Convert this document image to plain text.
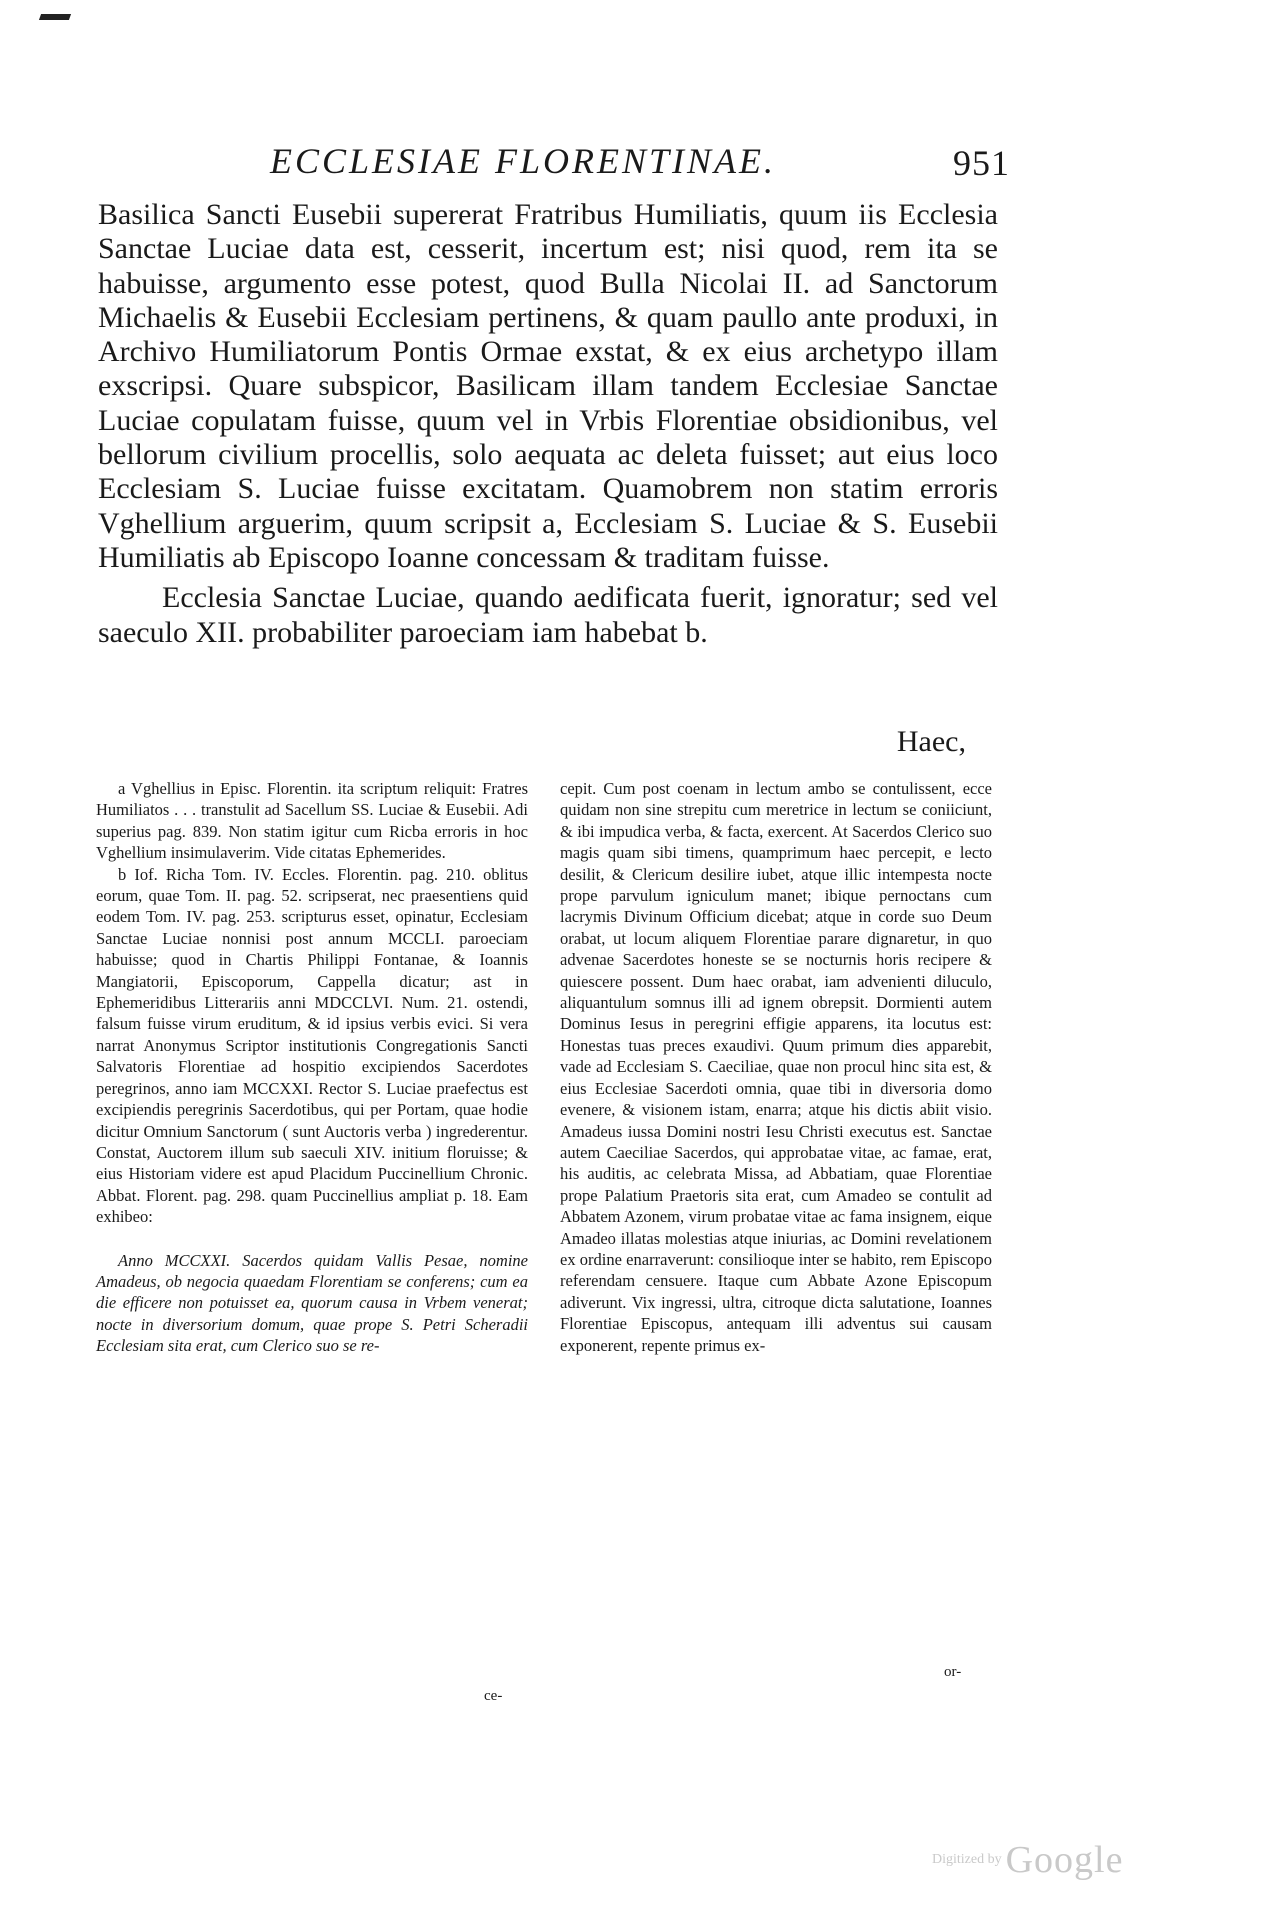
ECCLESIAE FLORENTINAE.	951

Basilica Sancti Eusebii supererat Fratribus Humiliatis, quum iis Ecclesia Sanctae Luciae data est, cesserit, incertum est; nisi quod, rem ita se habuisse, argumento esse potest, quod Bulla Nicolai II. ad Sanctorum Michaelis & Eusebii Ecclesiam pertinens, & quam paullo ante produxi, in Archivo Humiliatorum Pontis Ormae exstat, & ex eius archetypo illam exscripsi. Quare subspicor, Basilicam illam tandem Ecclesiae Sanctae Luciae copulatam fuisse, quum vel in Vrbis Florentiae obsidionibus, vel bellorum civilium procellis, solo aequata ac deleta fuisset; aut eius loco Ecclesiam S. Luciae fuisse excitatam. Quamobrem non statim erroris Vghellium arguerim, quum scripsit a, Ecclesiam S. Luciae & S. Eusebii Humiliatis ab Episcopo Ioanne concessam & traditam fuisse.

Ecclesia Sanctae Luciae, quando aedificata fuerit, ignoratur; sed vel saeculo XII. probabiliter paroeciam iam habebat b.

Haec,

a Vghellius in Episc. Florentin. ita scriptum reliquit: Fratres Humiliatos . . . transtulit ad Sacellum SS. Luciae & Eusebii. Adi superius pag. 839. Non statim igitur cum Ricba erroris in hoc Vghellium insimulaverim. Vide citatas Ephemerides.

b Iof. Richa Tom. IV. Eccles. Florentin. pag. 210. oblitus eorum, quae Tom. II. pag. 52. scripserat, nec praesentiens quid eodem Tom. IV. pag. 253. scripturus esset, opinatur, Ecclesiam Sanctae Luciae nonnisi post annum MCCLI. paroeciam habuisse; quod in Chartis Philippi Fontanae, & Ioannis Mangiatorii, Episcoporum, Cappella dicatur; ast in Ephemeridibus Litterariis anni MDCCLVI. Num. 21. ostendi, falsum fuisse virum eruditum, & id ipsius verbis evici. Si vera narrat Anonymus Scriptor institutionis Congregationis Sancti Salvatoris Florentiae ad hospitio excipiendos Sacerdotes peregrinos, anno iam MCCXXI. Rector S. Luciae praefectus est excipiendis peregrinis Sacerdotibus, qui per Portam, quae hodie dicitur Omnium Sanctorum ( sunt Auctoris verba ) ingrederentur. Constat, Auctorem illum sub saeculi XIV. initium floruisse; & eius Historiam videre est apud Placidum Puccinellium Chronic. Abbat. Florent. pag. 298. quam Puccinellius ampliat p. 18. Eam exhibeo:

Anno MCCXXI. Sacerdos quidam Vallis Pesae, nomine Amadeus, ob negocia quaedam Florentiam se conferens; cum ea die efficere non potuisset ea, quorum causa in Vrbem venerat; nocte in diversorium domum, quae prope S. Petri Scheradii Ecclesiam sita erat, cum Clerico suo se re-

ce-

cepit. Cum post coenam in lectum ambo se contulissent, ecce quidam non sine strepitu cum meretrice in lectum se coniiciunt, & ibi impudica verba, & facta, exercent. At Sacerdos Clerico suo magis quam sibi timens, quamprimum haec percepit, e lecto desilit, & Clericum desilire iubet, atque illic intempesta nocte prope parvulum igniculum manet; ibique pernoctans cum lacrymis Divinum Officium dicebat; atque in corde suo Deum orabat, ut locum aliquem Florentiae parare dignaretur, in quo advenae Sacerdotes honeste se se nocturnis horis recipere & quiescere possent. Dum haec orabat, iam advenienti diluculo, aliquantulum somnus illi ad ignem obrepsit. Dormienti autem Dominus Iesus in peregrini effigie apparens, ita locutus est: Honestas tuas preces exaudivi. Quum primum dies apparebit, vade ad Ecclesiam S. Caeciliae, quae non procul hinc sita est, & eius Ecclesiae Sacerdoti omnia, quae tibi in diversoria domo evenere, & visionem istam, enarra; atque his dictis abiit visio. Amadeus iussa Domini nostri Iesu Christi executus est. Sanctae autem Caeciliae Sacerdos, qui approbatae vitae, ac famae, erat, his auditis, ac celebrata Missa, ad Abbatiam, quae Florentiae prope Palatium Praetoris sita erat, cum Amadeo se contulit ad Abbatem Azonem, virum probatae vitae ac fama insignem, eique Amadeo illatas molestias atque iniurias, ac Domini revelationem ex ordine enarraverunt: consilioque inter se habito, rem Episcopo referendam censuere. Itaque cum Abbate Azone Episcopum adiverunt. Vix ingressi, ultra, citroque dicta salutatione, Ioannes Florentiae Episcopus, antequam illi adventus sui causam exponerent, repente primus ex-

or-
Digitized by Google
